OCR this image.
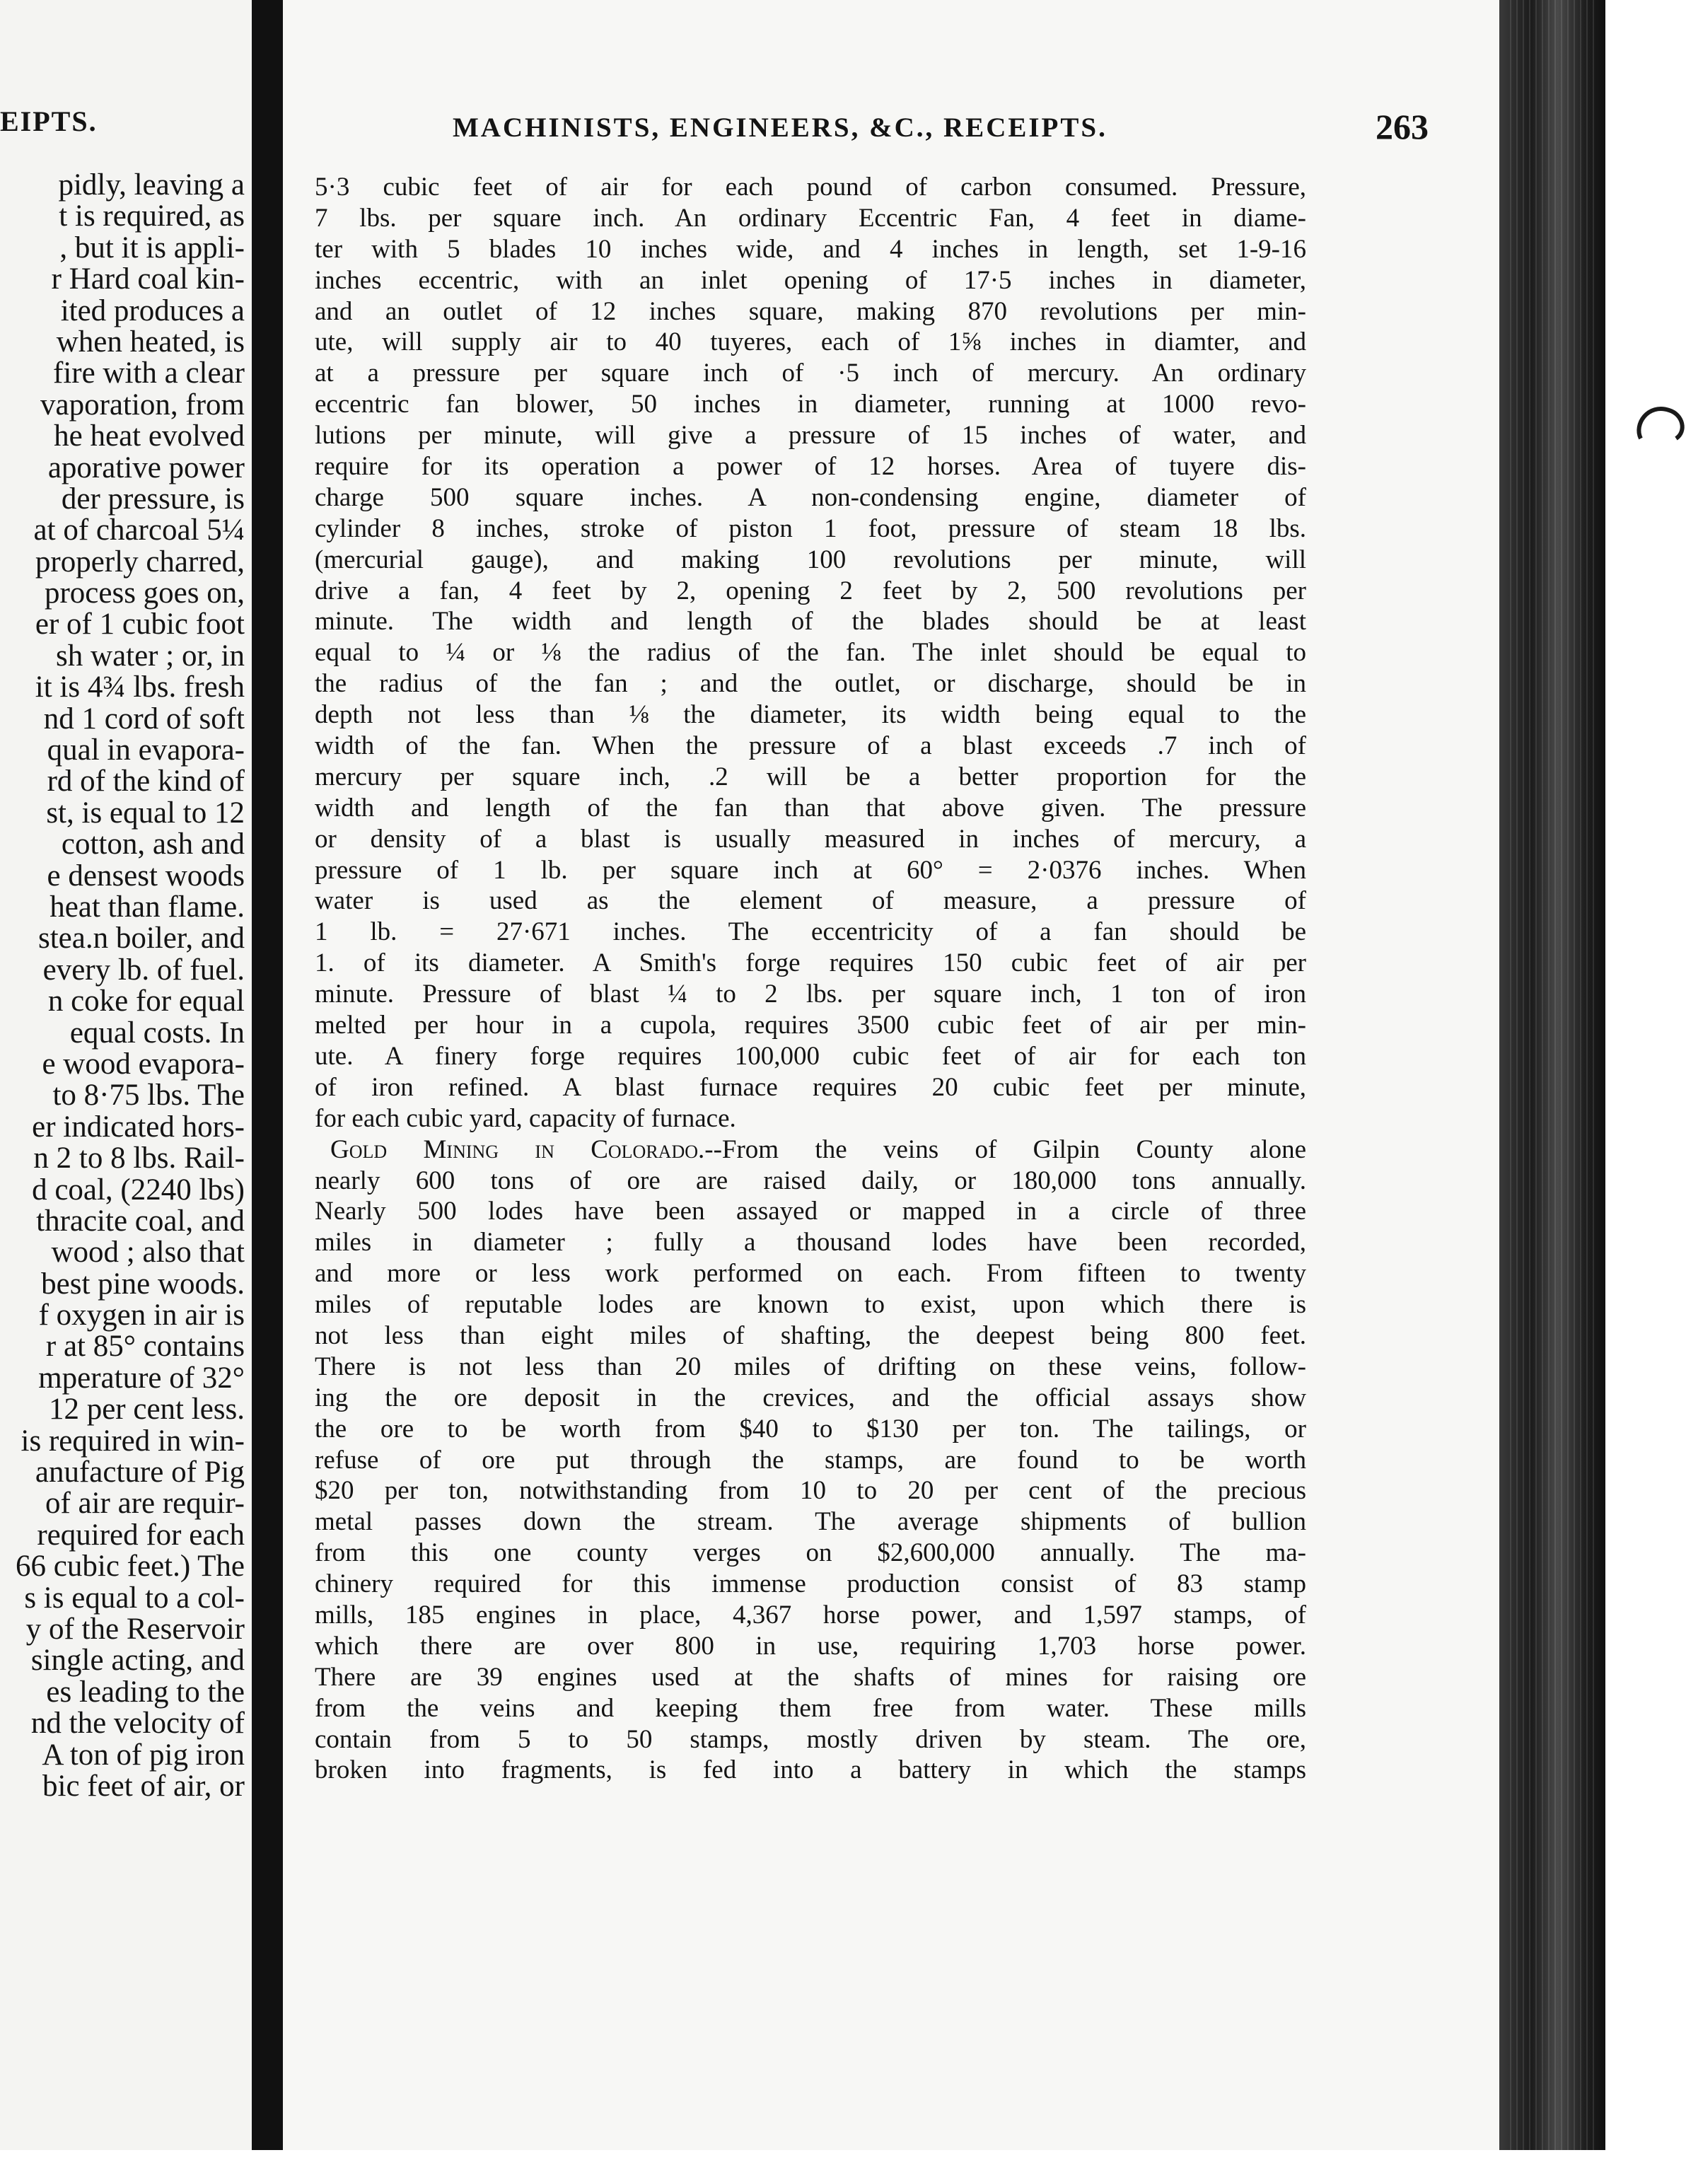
EIPTS.
pidly, leaving a
t is required, as
, but it is appli-
r Hard coal kin-
ited produces a
when heated, is
fire with a clear
vaporation, from
he heat evolved
aporative power
der pressure, is
at of charcoal 5¼
properly charred,
process goes on,
er of 1 cubic foot
sh water ; or, in
it is 4¾ lbs. fresh
nd 1 cord of soft
qual in evapora-
rd of the kind of
st, is equal to 12
cotton, ash and
e densest woods
heat than flame.
stea.n boiler, and
every lb. of fuel.
n coke for equal
equal costs. In
e wood evapora-
to 8·75 lbs. The
er indicated hors-
n 2 to 8 lbs. Rail-
d coal, (2240 lbs)
thracite coal, and
wood ; also that
best pine woods.
f oxygen in air is
r at 85° contains
mperature of 32°
12 per cent less.
is required in win-
anufacture of Pig
of air are requir-
required for each
66 cubic feet.) The
s is equal to a col-
y of the Reservoir
single acting, and
es leading to the
nd the velocity of
A ton of pig iron
bic feet of air, or
MACHINISTS, ENGINEERS, &C., RECEIPTS.	263
5·3 cubic feet of air for each pound of carbon consumed. Pressure,
7 lbs. per square inch. An ordinary Eccentric Fan, 4 feet in diame-
ter with 5 blades 10 inches wide, and 4 inches in length, set 1-9-16
inches eccentric, with an inlet opening of 17·5 inches in diameter,
and an outlet of 12 inches square, making 870 revolutions per min-
ute, will supply air to 40 tuyeres, each of 1⅝ inches in diamter, and
at a pressure per square inch of ·5 inch of mercury. An ordinary
eccentric fan blower, 50 inches in diameter, running at 1000 revo-
lutions per minute, will give a pressure of 15 inches of water, and
require for its operation a power of 12 horses. Area of tuyere dis-
charge 500 square inches. A non-condensing engine, diameter of
cylinder 8 inches, stroke of piston 1 foot, pressure of steam 18 lbs.
(mercurial gauge), and making 100 revolutions per minute, will
drive a fan, 4 feet by 2, opening 2 feet by 2, 500 revolutions per
minute. The width and length of the blades should be at least
equal to ¼ or ⅛ the radius of the fan. The inlet should be equal to
the radius of the fan ; and the outlet, or discharge, should be in
depth not less than ⅛ the diameter, its width being equal to the
width of the fan. When the pressure of a blast exceeds .7 inch of
mercury per square inch, .2 will be a better proportion for the
width and length of the fan than that above given. The pressure
or density of a blast is usually measured in inches of mercury, a
pressure of 1 lb. per square inch at 60° = 2·0376 inches. When
water is used as the element of measure, a pressure of
1 lb. = 27·671 inches. The eccentricity of a fan should be
1. of its diameter. A Smith's forge requires 150 cubic feet of air per
minute. Pressure of blast ¼ to 2 lbs. per square inch, 1 ton of iron
melted per hour in a cupola, requires 3500 cubic feet of air per min-
ute. A finery forge requires 100,000 cubic feet of air for each ton
of iron refined. A blast furnace requires 20 cubic feet per minute,
for each cubic yard, capacity of furnace.
Gold Mining in Colorado.--From the veins of Gilpin County alone
nearly 600 tons of ore are raised daily, or 180,000 tons annually.
Nearly 500 lodes have been assayed or mapped in a circle of three
miles in diameter ; fully a thousand lodes have been recorded,
and more or less work performed on each. From fifteen to twenty
miles of reputable lodes are known to exist, upon which there is
not less than eight miles of shafting, the deepest being 800 feet.
There is not less than 20 miles of drifting on these veins, follow-
ing the ore deposit in the crevices, and the official assays show
the ore to be worth from $40 to $130 per ton. The tailings, or
refuse of ore put through the stamps, are found to be worth
$20 per ton, notwithstanding from 10 to 20 per cent of the precious
metal passes down the stream. The average shipments of bullion
from this one county verges on $2,600,000 annually. The ma-
chinery required for this immense production consist of 83 stamp
mills, 185 engines in place, 4,367 horse power, and 1,597 stamps, of
which there are over 800 in use, requiring 1,703 horse power.
There are 39 engines used at the shafts of mines for raising ore
from the veins and keeping them free from water. These mills
contain from 5 to 50 stamps, mostly driven by steam. The ore,
broken into fragments, is fed into a battery in which the stamps
